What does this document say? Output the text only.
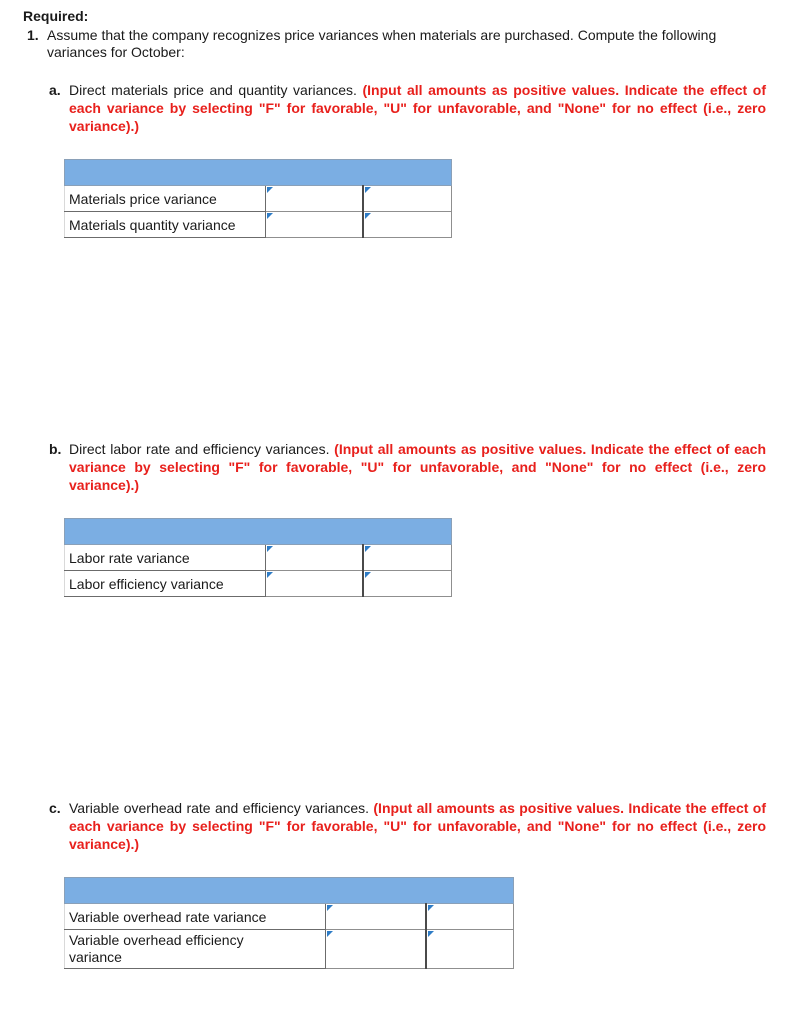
Required:
1. Assume that the company recognizes price variances when materials are purchased. Compute the following variances for October:
a. Direct materials price and quantity variances. (Input all amounts as positive values. Indicate the effect of each variance by selecting "F" for favorable, "U" for unfavorable, and "None" for no effect (i.e., zero variance).)

Materials price variance		
Materials quantity variance		
b. Direct labor rate and efficiency variances. (Input all amounts as positive values. Indicate the effect of each variance by selecting "F" for favorable, "U" for unfavorable, and "None" for no effect (i.e., zero variance).)

Labor rate variance		
Labor efficiency variance		
c. Variable overhead rate and efficiency variances. (Input all amounts as positive values. Indicate the effect of each variance by selecting "F" for favorable, "U" for unfavorable, and "None" for no effect (i.e., zero variance).)

Variable overhead rate variance		
Variable overhead efficiency variance		
